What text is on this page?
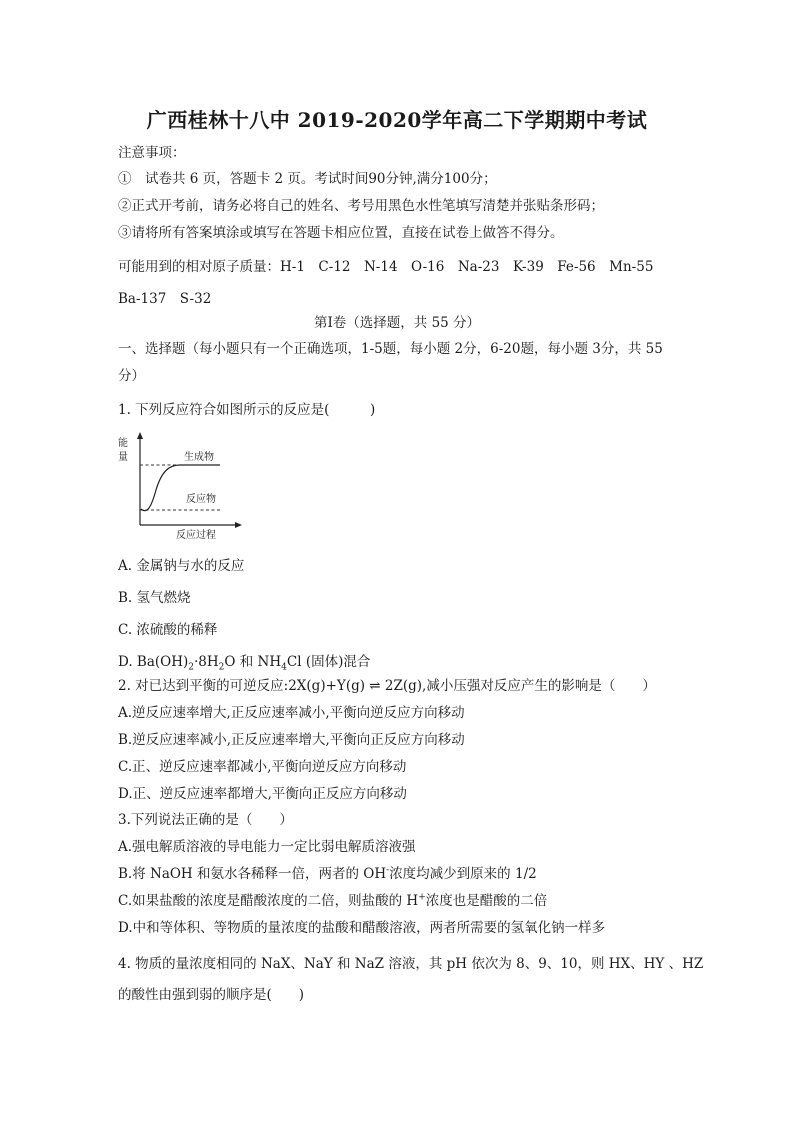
广西桂林十八中 2019-2020学年高二下学期期中考试
注意事项：
①　试卷共 6 页，答题卡 2 页。考试时间90分钟,满分100分；
②正式开考前，请务必将自己的姓名、考号用黑色水性笔填写清楚并张贴条形码；
③请将所有答案填涂或填写在答题卡相应位置，直接在试卷上做答不得分。
可能用到的相对原子质量：H-1　C-12　N-14　O-16　Na-23　K-39　Fe-56　Mn-55
Ba-137　S-32
第Ⅰ卷（选择题，共 55 分）
一、选择题（每小题只有一个正确选项，1-5题，每小题 2分，6-20题，每小题 3分，共 55
分）
1. 下列反应符合如图所示的反应是(　　　)
能
量	生成物
反应物
反应过程
A. 金属钠与水的反应
B. 氢气燃烧
C. 浓硫酸的稀释
D. $Ba(OH)_2\cdot 8H_2O$ 和 $NH_4Cl$ (固体)混合
2. 对已达到平衡的可逆反应:2X(g)+Y(g) ⇌ 2Z(g),减小压强对反应产生的影响是（　　）
A.逆反应速率增大,正反应速率减小,平衡向逆反应方向移动
B.逆反应速率减小,正反应速率增大,平衡向正反应方向移动
C.正、逆反应速率都减小,平衡向逆反应方向移动
D.正、逆反应速率都增大,平衡向正反应方向移动
3.下列说法正确的是（　　）
A.强电解质溶液的导电能力一定比弱电解质溶液强
B.将 NaOH 和氨水各稀释一倍，两者的 OH-浓度均减少到原来的 1/2
C.如果盐酸的浓度是醋酸浓度的二倍，则盐酸的 H+浓度也是醋酸的二倍
D.中和等体积、等物质的量浓度的盐酸和醋酸溶液，两者所需要的氢氧化钠一样多
4. 物质的量浓度相同的 NaX、NaY 和 NaZ 溶液，其 pH 依次为 8、9、10，则 HX、HY 、HZ
的酸性由强到弱的顺序是(　　)
